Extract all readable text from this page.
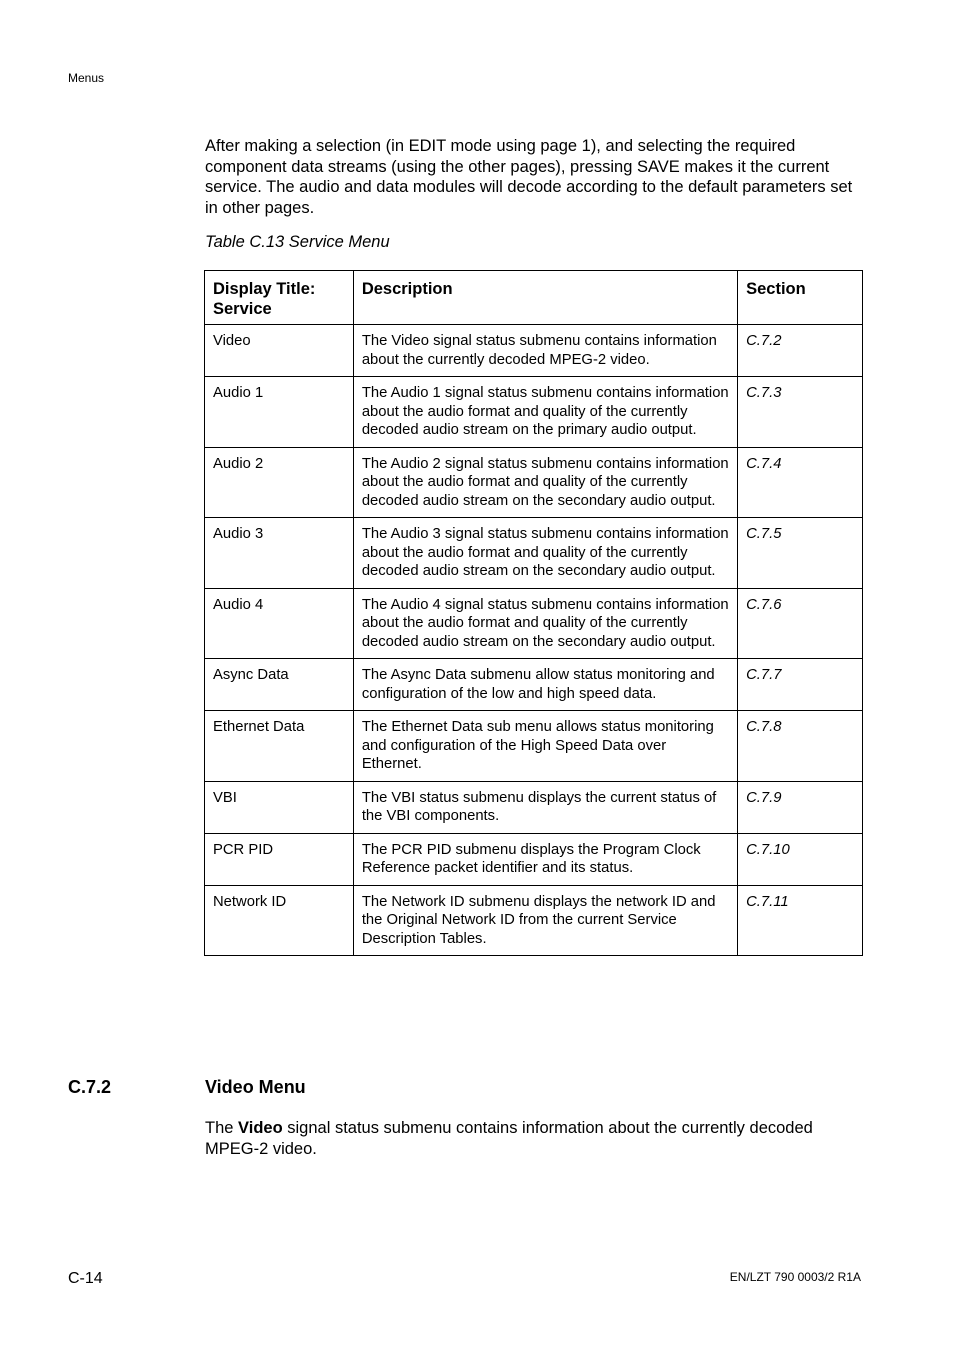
Menus

After making a selection (in EDIT mode using page 1), and selecting the required component data streams (using the other pages), pressing SAVE makes it the current service. The audio and data modules will decode according to the default parameters set in other pages.

Table C.13 Service Menu
Display Title: Service	Description	Section
Video	The Video signal status submenu contains information about the currently decoded MPEG-2 video.	C.7.2
Audio 1	The Audio 1 signal status submenu contains information about the audio format and quality of the currently decoded audio stream on the primary audio output.	C.7.3
Audio 2	The Audio 2 signal status submenu contains information about the audio format and quality of the currently decoded audio stream on the secondary audio output.	C.7.4
Audio 3	The Audio 3 signal status submenu contains information about the audio format and quality of the currently decoded audio stream on the secondary audio output.	C.7.5
Audio 4	The Audio 4 signal status submenu contains information about the audio format and quality of the currently decoded audio stream on the secondary audio output.	C.7.6
Async Data	The Async Data submenu allow status monitoring and configuration of the low and high speed data.	C.7.7
Ethernet Data	The Ethernet Data sub menu allows status monitoring and configuration of the High Speed Data over Ethernet.	C.7.8
VBI	The VBI status submenu displays the current status of the VBI components.	C.7.9
PCR PID	The PCR PID submenu displays the Program Clock Reference packet identifier and its status.	C.7.10
Network ID	The Network ID submenu displays the network ID and the Original Network ID from the current Service Description Tables.	C.7.11
C.7.2	Video Menu

The Video signal status submenu contains information about the currently decoded MPEG-2 video.

C-14	EN/LZT 790 0003/2 R1A
